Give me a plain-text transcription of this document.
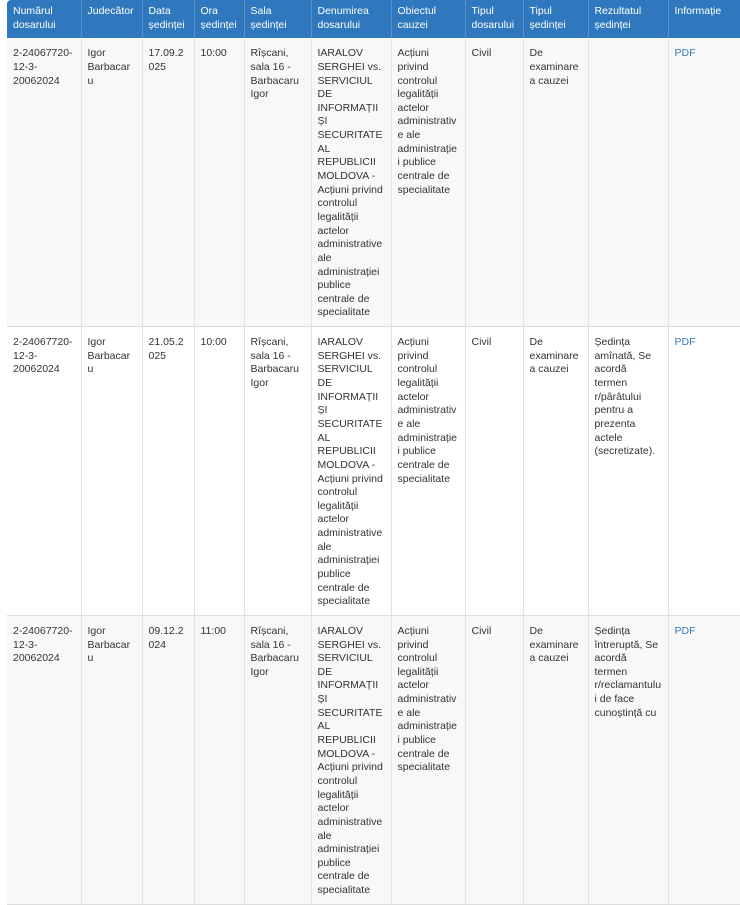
Numărul dosarului	Judecător	Data ședinței	Ora ședinței	Sala ședinței	Denumirea dosarului	Obiectul cauzei	Tipul dosarului	Tipul ședinței	Rezultatul ședinței	Informație
2-24067720-12-3-20062024	Igor Barbacaru	17.09.2025	10:00	Rîșcani, sala 16 - Barbacaru Igor	IARALOV SERGHEI vs. SERVICIUL DE INFORMAȚII ȘI SECURITATE AL REPUBLICII MOLDOVA - Acțiuni privind controlul legalității actelor administrative ale administrației publice centrale de specialitate	Acțiuni privind controlul legalității actelor administrative ale administrației publice centrale de specialitate	Civil	De examinare a cauzei		PDF
2-24067720-12-3-20062024	Igor Barbacaru	21.05.2025	10:00	Rîșcani, sala 16 - Barbacaru Igor	IARALOV SERGHEI vs. SERVICIUL DE INFORMAȚII ȘI SECURITATE AL REPUBLICII MOLDOVA - Acțiuni privind controlul legalității actelor administrative ale administrației publice centrale de specialitate	Acțiuni privind controlul legalității actelor administrative ale administrației publice centrale de specialitate	Civil	De examinare a cauzei	Ședința amînată, Se acordă termen r/pârâtului pentru a prezenta actele (secretizate).	PDF
2-24067720-12-3-20062024	Igor Barbacaru	09.12.2024	11:00	Rîșcani, sala 16 - Barbacaru Igor	IARALOV SERGHEI vs. SERVICIUL DE INFORMAȚII ȘI SECURITATE AL REPUBLICII MOLDOVA - Acțiuni privind controlul legalității actelor administrative ale administrației publice centrale de specialitate	Acțiuni privind controlul legalității actelor administrative ale administrației publice centrale de specialitate	Civil	De examinare a cauzei	Ședința întreruptă, Se acordă termen r/reclamantului de face cunoștință cu	PDF
